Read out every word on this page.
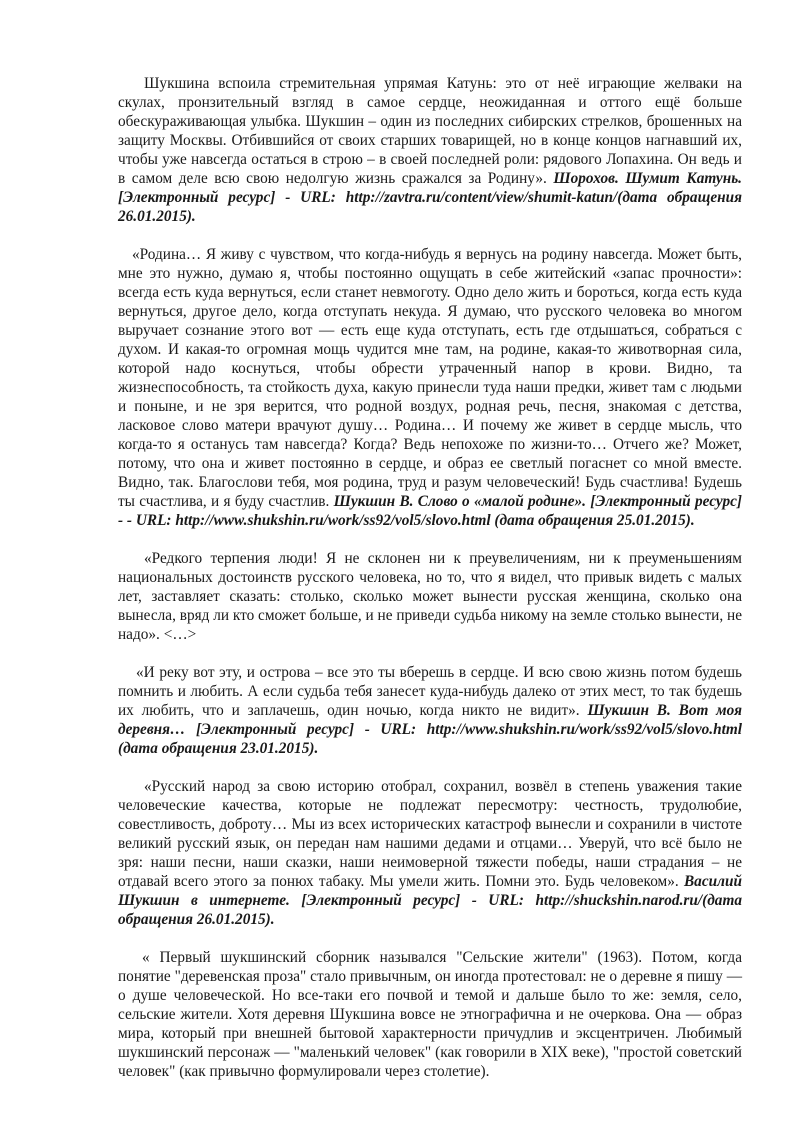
Шукшина вспоила стремительная упрямая Катунь: это от неё играющие желваки на скулах, пронзительный взгляд в самое сердце, неожиданная и оттого ещё больше обескураживающая улыбка. Шукшин – один из последних сибирских стрелков, брошенных на защиту Москвы. Отбившийся от своих старших товарищей, но в конце концов нагнавший их, чтобы уже навсегда остаться в строю – в своей последней роли: рядового Лопахина. Он ведь и в самом деле всю свою недолгую жизнь сражался за Родину». Шорохов. Шумит Катунь. [Электронный ресурс] - URL: http://zavtra.ru/content/view/shumit-katun/(дата обращения 26.01.2015).

«Родина… Я живу с чувством, что когда-нибудь я вернусь на родину навсегда. Может быть, мне это нужно, думаю я, чтобы постоянно ощущать в себе житейский «запас прочности»: всегда есть куда вернуться, если станет невмоготу. Одно дело жить и бороться, когда есть куда вернуться, другое дело, когда отступать некуда. Я думаю, что русского человека во многом выручает сознание этого вот — есть еще куда отступать, есть где отдышаться, собраться с духом. И какая-то огромная мощь чудится мне там, на родине, какая-то животворная сила, которой надо коснуться, чтобы обрести утраченный напор в крови. Видно, та жизнеспособность, та стойкость духа, какую принесли туда наши предки, живет там с людьми и поныне, и не зря верится, что родной воздух, родная речь, песня, знакомая с детства, ласковое слово матери врачуют душу… Родина… И почему же живет в сердце мысль, что когда-то я останусь там навсегда? Когда? Ведь непохоже по жизни-то… Отчего же? Может, потому, что она и живет постоянно в сердце, и образ ее светлый погаснет со мной вместе. Видно, так. Благослови тебя, моя родина, труд и разум человеческий! Будь счастлива! Будешь ты счастлива, и я буду счастлив. Шукшин В. Слово о «малой родине». [Электронный ресурс] - - URL: http://www.shukshin.ru/work/ss92/vol5/slovo.html (дата обращения 25.01.2015).

«Редкого терпения люди! Я не склонен ни к преувеличениям, ни к преуменьшениям национальных достоинств русского человека, но то, что я видел, что привык видеть с малых лет, заставляет сказать: столько, сколько может вынести русская женщина, сколько она вынесла, вряд ли кто сможет больше, и не приведи судьба никому на земле столько вынести, не надо». <…>

«И реку вот эту, и острова – все это ты вберешь в сердце. И всю свою жизнь потом будешь помнить и любить. А если судьба тебя занесет куда-нибудь далеко от этих мест, то так будешь их любить, что и заплачешь, один ночью, когда никто не видит». Шукшин В. Вот моя деревня… [Электронный ресурс] - URL: http://www.shukshin.ru/work/ss92/vol5/slovo.html (дата обращения 23.01.2015).

«Русский народ за свою историю отобрал, сохранил, возвёл в степень уважения такие человеческие качества, которые не подлежат пересмотру: честность, трудолюбие, совестливость, доброту… Мы из всех исторических катастроф вынесли и сохранили в чистоте великий русский язык, он передан нам нашими дедами и отцами… Уверуй, что всё было не зря: наши песни, наши сказки, наши неимоверной тяжести победы, наши страдания – не отдавай всего этого за понюх табаку. Мы умели жить. Помни это. Будь человеком». Василий Шукшин в интернете. [Электронный ресурс] - URL: http://shuckshin.narod.ru/(дата обращения 26.01.2015).

« Первый шукшинский сборник назывался "Сельские жители" (1963). Потом, когда понятие "деревенская проза" стало привычным, он иногда протестовал: не о деревне я пишу — о душе человеческой. Но все-таки его почвой и темой и дальше было то же: земля, село, сельские жители. Хотя деревня Шукшина вовсе не этнографична и не очеркова. Она — образ мира, который при внешней бытовой характерности причудлив и эксцентричен. Любимый шукшинский персонаж — "маленький человек" (как говорили в XIX веке), "простой советский человек" (как привычно формулировали через столетие).
